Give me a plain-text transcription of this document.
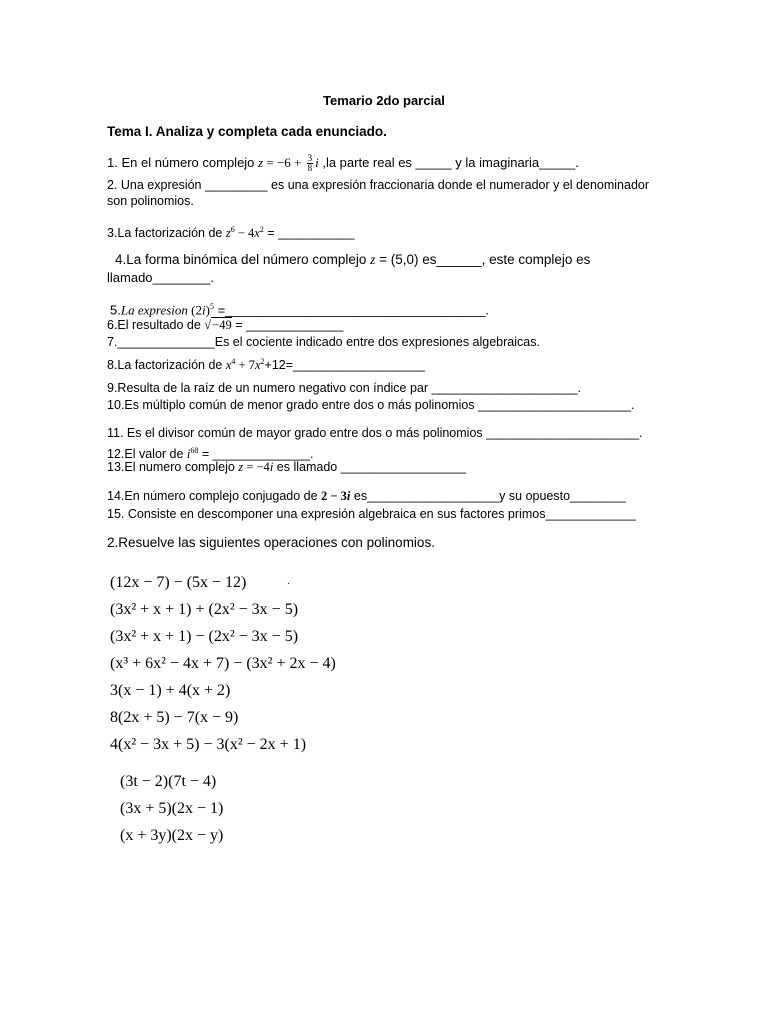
Temario 2do parcial
Tema I. Analiza y completa cada enunciado.
1. En el número complejo $z = -6 + \frac{3}{8}$ i ,la parte real es _____ y la imaginaria_____.
2. Una expresión _________ es una expresión fraccionaria donde el numerador y el denominador
son polinomios.
3.La factorización de $z^6 - 4x^2$ = ___________
4.La forma binómica del número complejo z = (5,0) es______, este complejo es
llamado________.
5.La expresion $(2i)^5$ =____________________________________.
6.El resultado de √−49 = ______________
7.______________Es el cociente indicado entre dos expresiones algebraicas.
8.La factorización de $x^4$ + $7x^2+12=\_\_\_\_\_\_\_\_\_\_\_\_\_\_\_\_\_\_\_$
9.Resulta de la raíz de un numero negativo con índice par _____________________.
10.Es múltiplo común de menor grado entre dos o más polinomios ______________________.
11. Es el divisor común de mayor grado entre dos o más polinomios ______________________.
12.El valor de $i^{68}$ = ______________.
13.El numero complejo z = −4i es llamado __________________
14.En número complejo conjugado de 2 − 3i es___________________y su opuesto________
15. Consiste en descomponer una expresión algebraica en sus factores primos_____________
2.Resuelve las siguientes operaciones con polinomios.
(12x − 7) − (5x − 12)
(3x² + x + 1) + (2x² − 3x − 5)
(3x² + x + 1) − (2x² − 3x − 5)
(x³ + 6x² − 4x + 7) − (3x² + 2x − 4)
3(x − 1) + 4(x + 2)
8(2x + 5) − 7(x − 9)
4(x² − 3x + 5) − 3(x² − 2x + 1)
(3t − 2)(7t − 4)
(3x + 5)(2x − 1)
(x + 3y)(2x − y)
.
